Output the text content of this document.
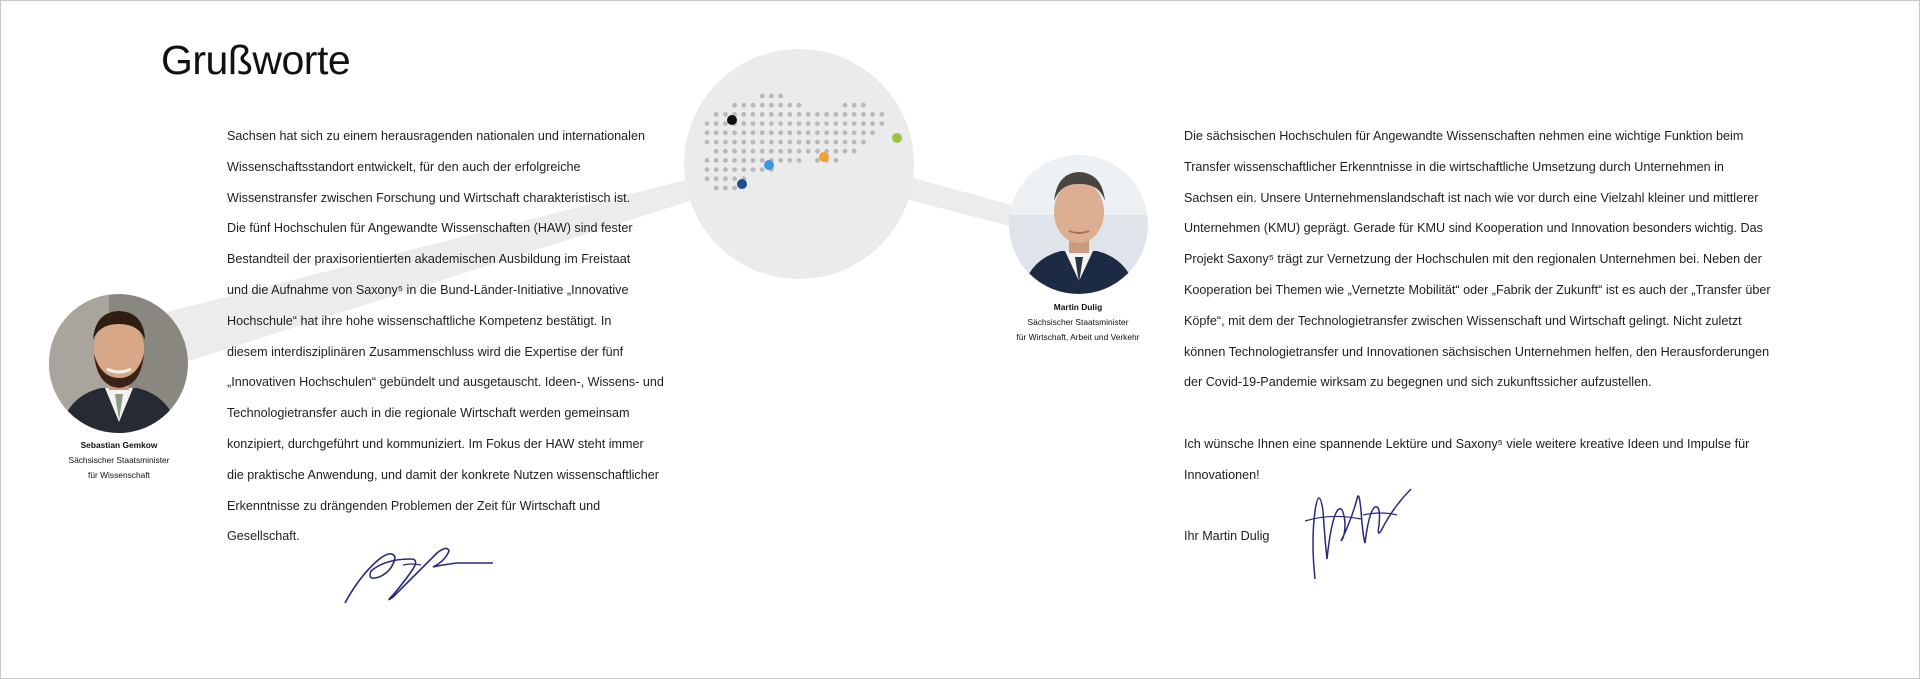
Grußworte
Sebastian Gemkow
Sächsischer Staatsminister
für Wissenschaft
Martin Dulig
Sächsischer Staatsminister
für Wirtschaft, Arbeit und Verkehr

Sachsen hat sich zu einem herausragenden nationalen und internationalen

Wissenschaftsstandort entwickelt, für den auch der erfolgreiche

Wissenstransfer zwischen Forschung und Wirtschaft charakteristisch ist.

Die fünf Hochschulen für Angewandte Wissenschaften (HAW) sind fester

Bestandteil der praxisorientierten akademischen Ausbildung im Freistaat

und die Aufnahme von Saxony⁵ in die Bund-Länder-Initiative „Innovative

Hochschule“ hat ihre hohe wissenschaftliche Kompetenz bestätigt. In

diesem interdisziplinären Zusammenschluss wird die Expertise der fünf

„Innovativen Hochschulen“ gebündelt und ausgetauscht. Ideen-, Wissens- und

Technologietransfer auch in die regionale Wirtschaft werden gemeinsam

konzipiert, durchgeführt und kommuniziert. Im Fokus der HAW steht immer

die praktische Anwendung, und damit der konkrete Nutzen wissenschaftlicher

Erkenntnisse zu drängenden Problemen der Zeit für Wirtschaft und

Gesellschaft.

Die sächsischen Hochschulen für Angewandte Wissenschaften nehmen eine wichtige Funktion beim

Transfer wissenschaftlicher Erkenntnisse in die wirtschaftliche Umsetzung durch Unternehmen in

Sachsen ein. Unsere Unternehmenslandschaft ist nach wie vor durch eine Vielzahl kleiner und mittlerer

Unternehmen (KMU) geprägt. Gerade für KMU sind Kooperation und Innovation besonders wichtig. Das

Projekt Saxony⁵ trägt zur Vernetzung der Hochschulen mit den regionalen Unternehmen bei. Neben der

Kooperation bei Themen wie „Vernetzte Mobilität“ oder „Fabrik der Zukunft“ ist es auch der „Transfer über

Köpfe“, mit dem der Technologietransfer zwischen Wissenschaft und Wirtschaft gelingt. Nicht zuletzt

können Technologietransfer und Innovationen sächsischen Unternehmen helfen, den Herausforderungen

der Covid-19-Pandemie wirksam zu begegnen und sich zukunftssicher aufzustellen.

Ich wünsche Ihnen eine spannende Lektüre und Saxony⁵ viele weitere kreative Ideen und Impulse für

Innovationen!

Ihr Martin Dulig
